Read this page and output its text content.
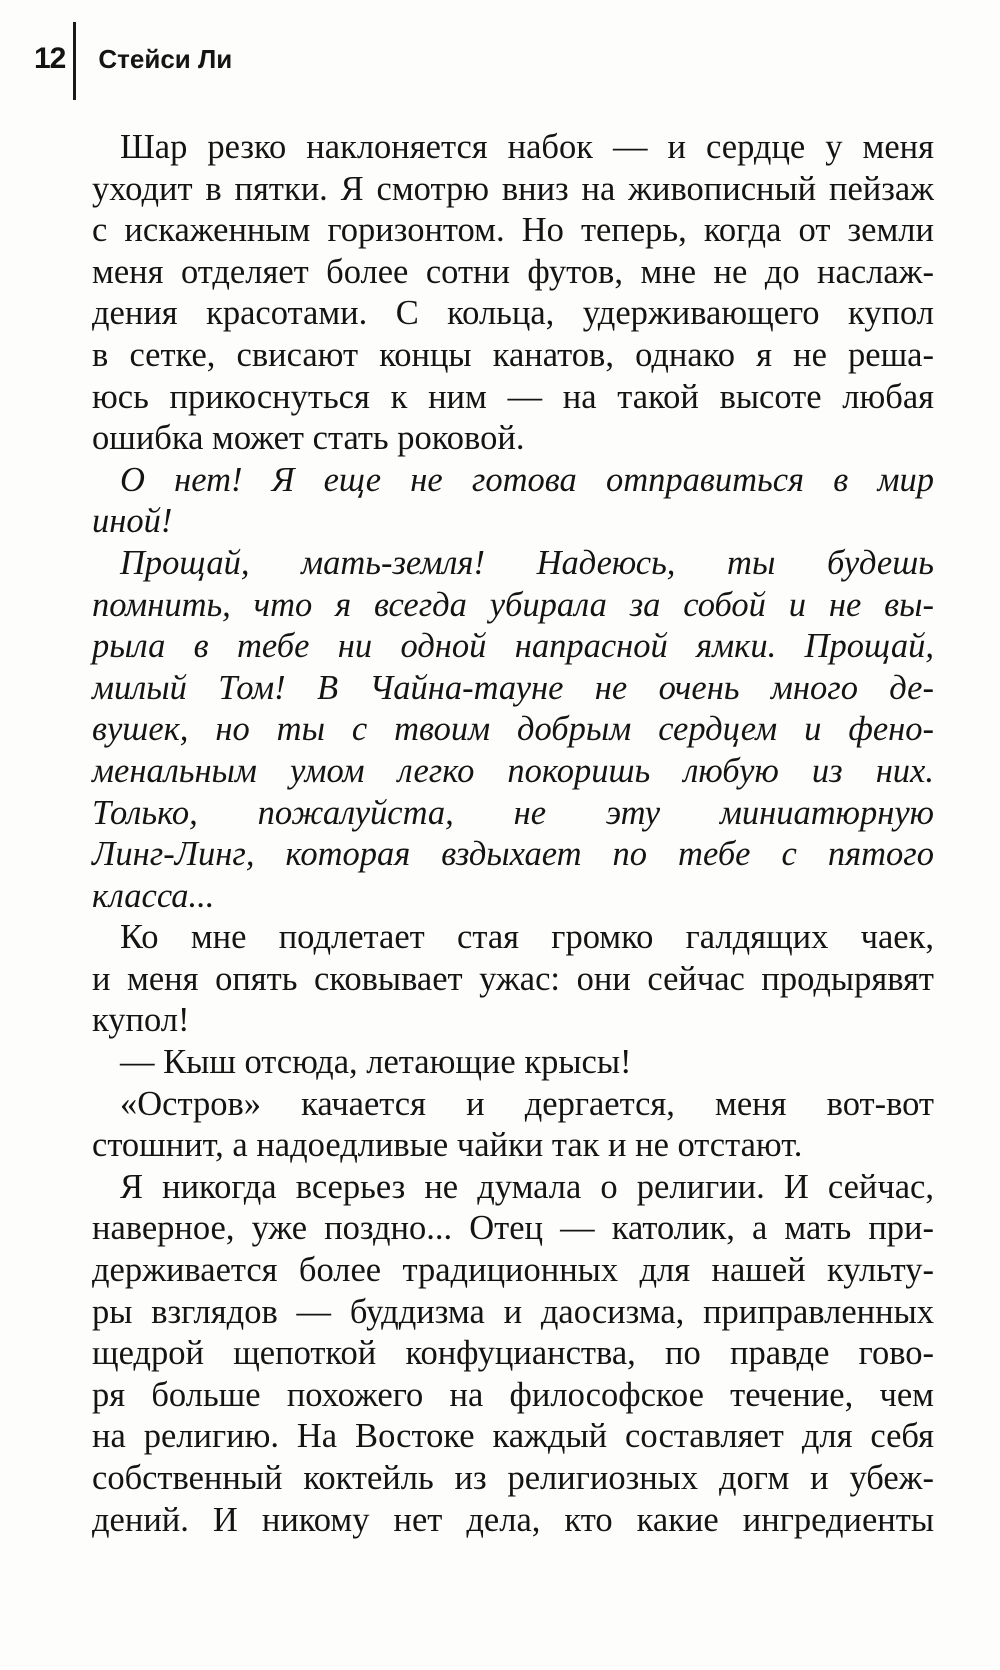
12 Стейси Ли
Шар резко наклоняется набок — и сердце у меня
уходит в пятки. Я смотрю вниз на живописный пейзаж
с искаженным горизонтом. Но теперь, когда от земли
меня отделяет более сотни футов, мне не до наслаж-
дения красотами. С кольца, удерживающего купол
в сетке, свисают концы канатов, однако я не реша-
юсь прикоснуться к ним — на такой высоте любая
ошибка может стать роковой.
О нет! Я еще не готова отправиться в мир
иной!
Прощай, мать-земля! Надеюсь, ты будешь
помнить, что я всегда убирала за собой и не вы-
рыла в тебе ни одной напрасной ямки. Прощай,
милый Том! В Чайна-тауне не очень много де-
вушек, но ты с твоим добрым сердцем и фено-
менальным умом легко покоришь любую из них.
Только, пожалуйста, не эту миниатюрную
Линг-Линг, которая вздыхает по тебе с пятого
класса...
Ко мне подлетает стая громко галдящих чаек,
и меня опять сковывает ужас: они сейчас продырявят
купол!
— Кыш отсюда, летающие крысы!
«Остров» качается и дергается, меня вот-вот
стошнит, а надоедливые чайки так и не отстают.
Я никогда всерьез не думала о религии. И сейчас,
наверное, уже поздно... Отец — католик, а мать при-
держивается более традиционных для нашей культу-
ры взглядов — буддизма и даосизма, приправленных
щедрой щепоткой конфуцианства, по правде гово-
ря больше похожего на философское течение, чем
на религию. На Востоке каждый составляет для себя
собственный коктейль из религиозных догм и убеж-
дений. И никому нет дела, кто какие ингредиенты
